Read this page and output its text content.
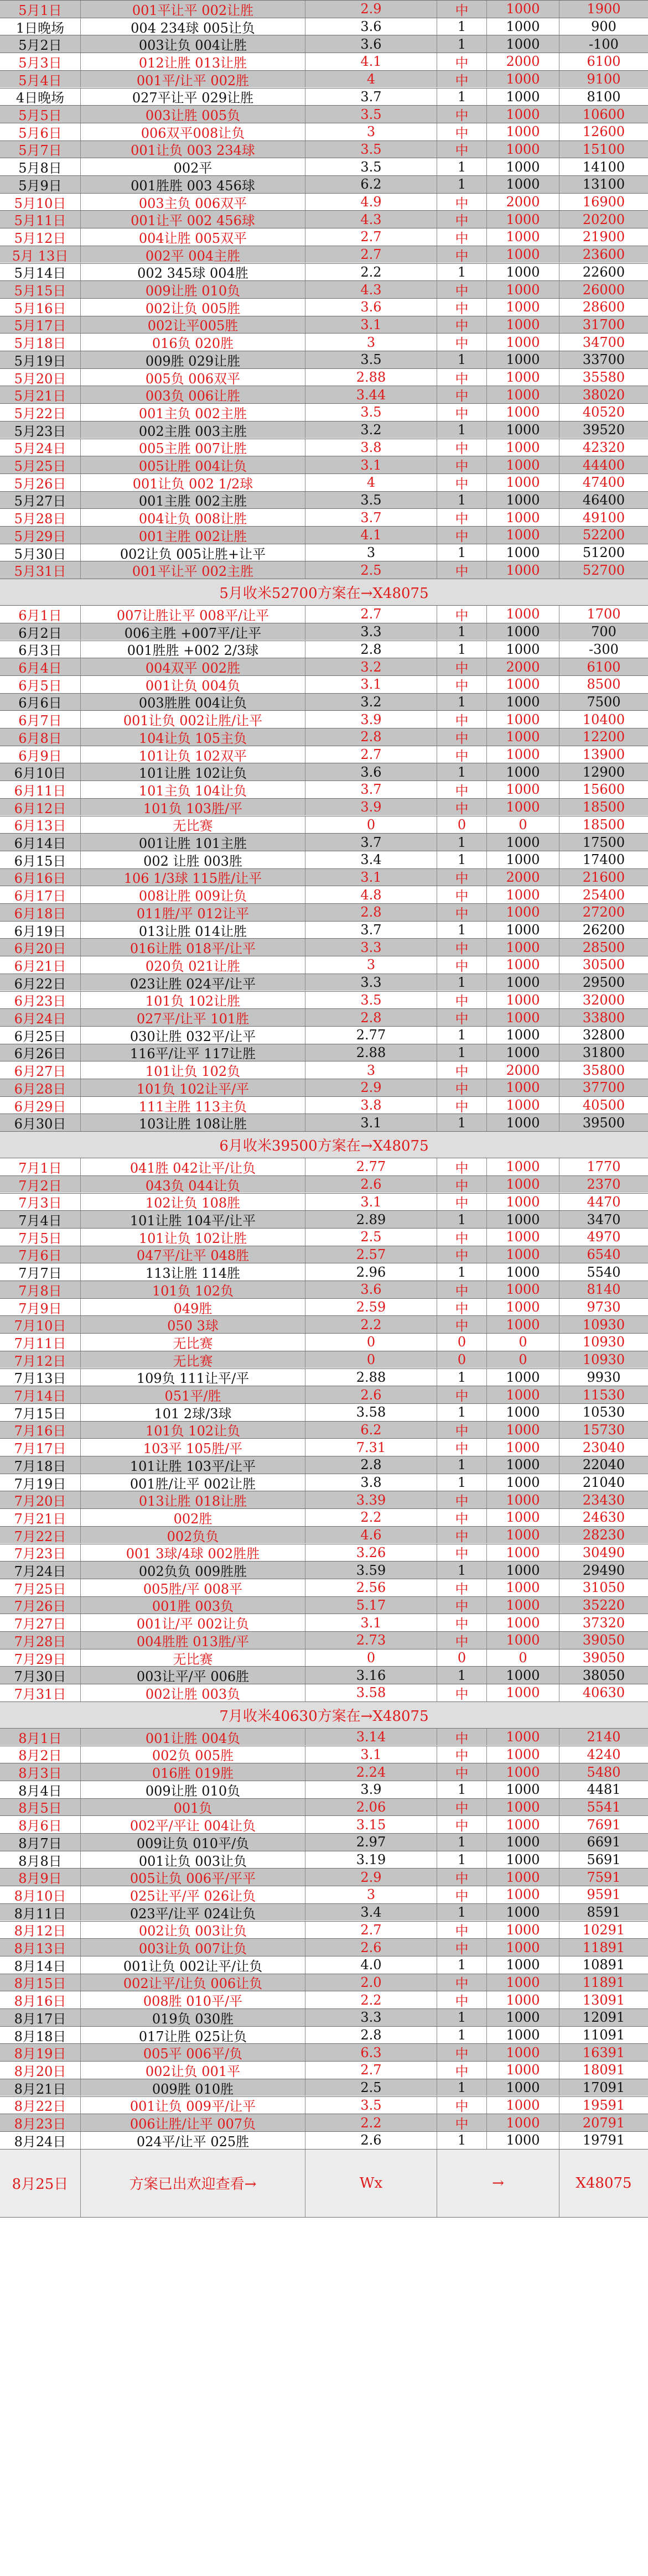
5月1日	001平让平 002让胜	2.9	中	1000	1900
1日晚场	004 234球 005让负	3.6	1	1000	900
5月2日	003让负 004让胜	3.6	1	1000	-100
5月3日	012让胜 013让胜	4.1	中	2000	6100
5月4日	001平/让平 002胜	4	中	1000	9100
4日晚场	027平让平 029让胜	3.7	1	1000	8100
5月5日	003让胜 005负	3.5	中	1000	10600
5月6日	006双平008让负	3	中	1000	12600
5月7日	001让负 003 234球	3.5	中	1000	15100
5月8日	002平	3.5	1	1000	14100
5月9日	001胜胜 003 456球	6.2	1	1000	13100
5月10日	003主负 006双平	4.9	中	2000	16900
5月11日	001让平 002 456球	4.3	中	1000	20200
5月12日	004让胜 005双平	2.7	中	1000	21900
5月 13日	002平 004主胜	2.7	中	1000	23600
5月14日	002 345球 004胜	2.2	1	1000	22600
5月15日	009让胜 010负	4.3	中	1000	26000
5月16日	002让负 005胜	3.6	中	1000	28600
5月17日	002让平005胜	3.1	中	1000	31700
5月18日	016负 020胜	3	中	1000	34700
5月19日	009胜 029让胜	3.5	1	1000	33700
5月20日	005负 006双平	2.88	中	1000	35580
5月21日	003负 006让胜	3.44	中	1000	38020
5月22日	001主负 002主胜	3.5	中	1000	40520
5月23日	002主胜 003主胜	3.2	1	1000	39520
5月24日	005主胜 007让胜	3.8	中	1000	42320
5月25日	005让胜 004让负	3.1	中	1000	44400
5月26日	001让负 002 1/2球	4	中	1000	47400
5月27日	001主胜 002主胜	3.5	1	1000	46400
5月28日	004让负 008让胜	3.7	中	1000	49100
5月29日	001主胜 002让胜	4.1	中	1000	52200
5月30日	002让负 005让胜+让平	3	1	1000	51200
5月31日	001平让平 002主胜	2.5	中	1000	52700
5月收米52700方案在→X48075
6月1日	007让胜让平 008平/让平	2.7	中	1000	1700
6月2日	006主胜 +007平/让平	3.3	1	1000	700
6月3日	001胜胜 +002 2/3球	2.8	1	1000	-300
6月4日	004双平 002胜	3.2	中	2000	6100
6月5日	001让负 004负	3.1	中	1000	8500
6月6日	003胜胜 004让负	3.2	1	1000	7500
6月7日	001让负 002让胜/让平	3.9	中	1000	10400
6月8日	104让负 105主负	2.8	中	1000	12200
6月9日	101让负 102双平	2.7	中	1000	13900
6月10日	101让胜 102让负	3.6	1	1000	12900
6月11日	101主负 104让负	3.7	中	1000	15600
6月12日	101负 103胜/平	3.9	中	1000	18500
6月13日	无比赛	0	0	0	18500
6月14日	001让胜 101主胜	3.7	1	1000	17500
6月15日	002 让胜 003胜	3.4	1	1000	17400
6月16日	106 1/3球 115胜/让平	3.1	中	2000	21600
6月17日	008让胜 009让负	4.8	中	1000	25400
6月18日	011胜/平 012让平	2.8	中	1000	27200
6月19日	013让胜 014让胜	3.7	1	1000	26200
6月20日	016让胜 018平/让平	3.3	中	1000	28500
6月21日	020负 021让胜	3	中	1000	30500
6月22日	023让胜 024平/让平	3.3	1	1000	29500
6月23日	101负 102让胜	3.5	中	1000	32000
6月24日	027平/让平 101胜	2.8	中	1000	33800
6月25日	030让胜 032平/让平	2.77	1	1000	32800
6月26日	116平/让平 117让胜	2.88	1	1000	31800
6月27日	101让负 102负	3	中	2000	35800
6月28日	101负 102让平/平	2.9	中	1000	37700
6月29日	111主胜 113主负	3.8	中	1000	40500
6月30日	103让胜 108让胜	3.1	1	1000	39500
6月收米39500方案在→X48075
7月1日	041胜 042让平/让负	2.77	中	1000	1770
7月2日	043负 044让负	2.6	中	1000	2370
7月3日	102让负 108胜	3.1	中	1000	4470
7月4日	101让胜 104平/让平	2.89	1	1000	3470
7月5日	101让负 102让胜	2.5	中	1000	4970
7月6日	047平/让平 048胜	2.57	中	1000	6540
7月7日	113让胜 114胜	2.96	1	1000	5540
7月8日	101负 102负	3.6	中	1000	8140
7月9日	049胜	2.59	中	1000	9730
7月10日	050 3球	2.2	中	1000	10930
7月11日	无比赛	0	0	0	10930
7月12日	无比赛	0	0	0	10930
7月13日	109负 111让平/平	2.88	1	1000	9930
7月14日	051平/胜	2.6	中	1000	11530
7月15日	101 2球/3球	3.58	1	1000	10530
7月16日	101负 102让负	6.2	中	1000	15730
7月17日	103平 105胜/平	7.31	中	1000	23040
7月18日	101让胜 103平/让平	2.8	1	1000	22040
7月19日	001胜/让平 002让胜	3.8	1	1000	21040
7月20日	013让胜 018让胜	3.39	中	1000	23430
7月21日	002胜	2.2	中	1000	24630
7月22日	002负负	4.6	中	1000	28230
7月23日	001 3球/4球 002胜胜	3.26	中	1000	30490
7月24日	002负负 009胜胜	3.59	1	1000	29490
7月25日	005胜/平 008平	2.56	中	1000	31050
7月26日	001胜 003负	5.17	中	1000	35220
7月27日	001让/平 002让负	3.1	中	1000	37320
7月28日	004胜胜 013胜/平	2.73	中	1000	39050
7月29日	无比赛	0	0	0	39050
7月30日	003让平/平 006胜	3.16	1	1000	38050
7月31日	002让胜 003负	3.58	中	1000	40630
7月收米40630方案在→X48075
8月1日	001让胜 004负	3.14	中	1000	2140
8月2日	002负 005胜	3.1	中	1000	4240
8月3日	016胜 019胜	2.24	中	1000	5480
8月4日	009让胜 010负	3.9	1	1000	4481
8月5日	001负	2.06	中	1000	5541
8月6日	002平/平让 004让负	3.15	中	1000	7691
8月7日	009让负 010平/负	2.97	1	1000	6691
8月8日	001让负 003让负	3.19	1	1000	5691
8月9日	005让负 006平/平平	2.9	中	1000	7591
8月10日	025让平/平 026让负	3	中	1000	9591
8月11日	023平/让平 024让负	3.4	1	1000	8591
8月12日	002让负 003让负	2.7	中	1000	10291
8月13日	003让负 007让负	2.6	中	1000	11891
8月14日	001让负 002让平/让负	4.0	1	1000	10891
8月15日	002让平/让负 006让负	2.0	中	1000	11891
8月16日	008胜 010平/平	2.2	中	1000	13091
8月17日	019负 030胜	3.3	1	1000	12091
8月18日	017让胜 025让负	2.8	1	1000	11091
8月19日	005平 006平/负	6.3	中	1000	16391
8月20日	002让负 001平	2.7	中	1000	18091
8月21日	009胜 010胜	2.5	1	1000	17091
8月22日	001让负 009平/让平	3.5	中	1000	19591
8月23日	006让胜/让平 007负	2.2	中	1000	20791
8月24日	024平/让平 025胜	2.6	1	1000	19791
8月25日	方案已出欢迎查看→	Wx	→	X48075
